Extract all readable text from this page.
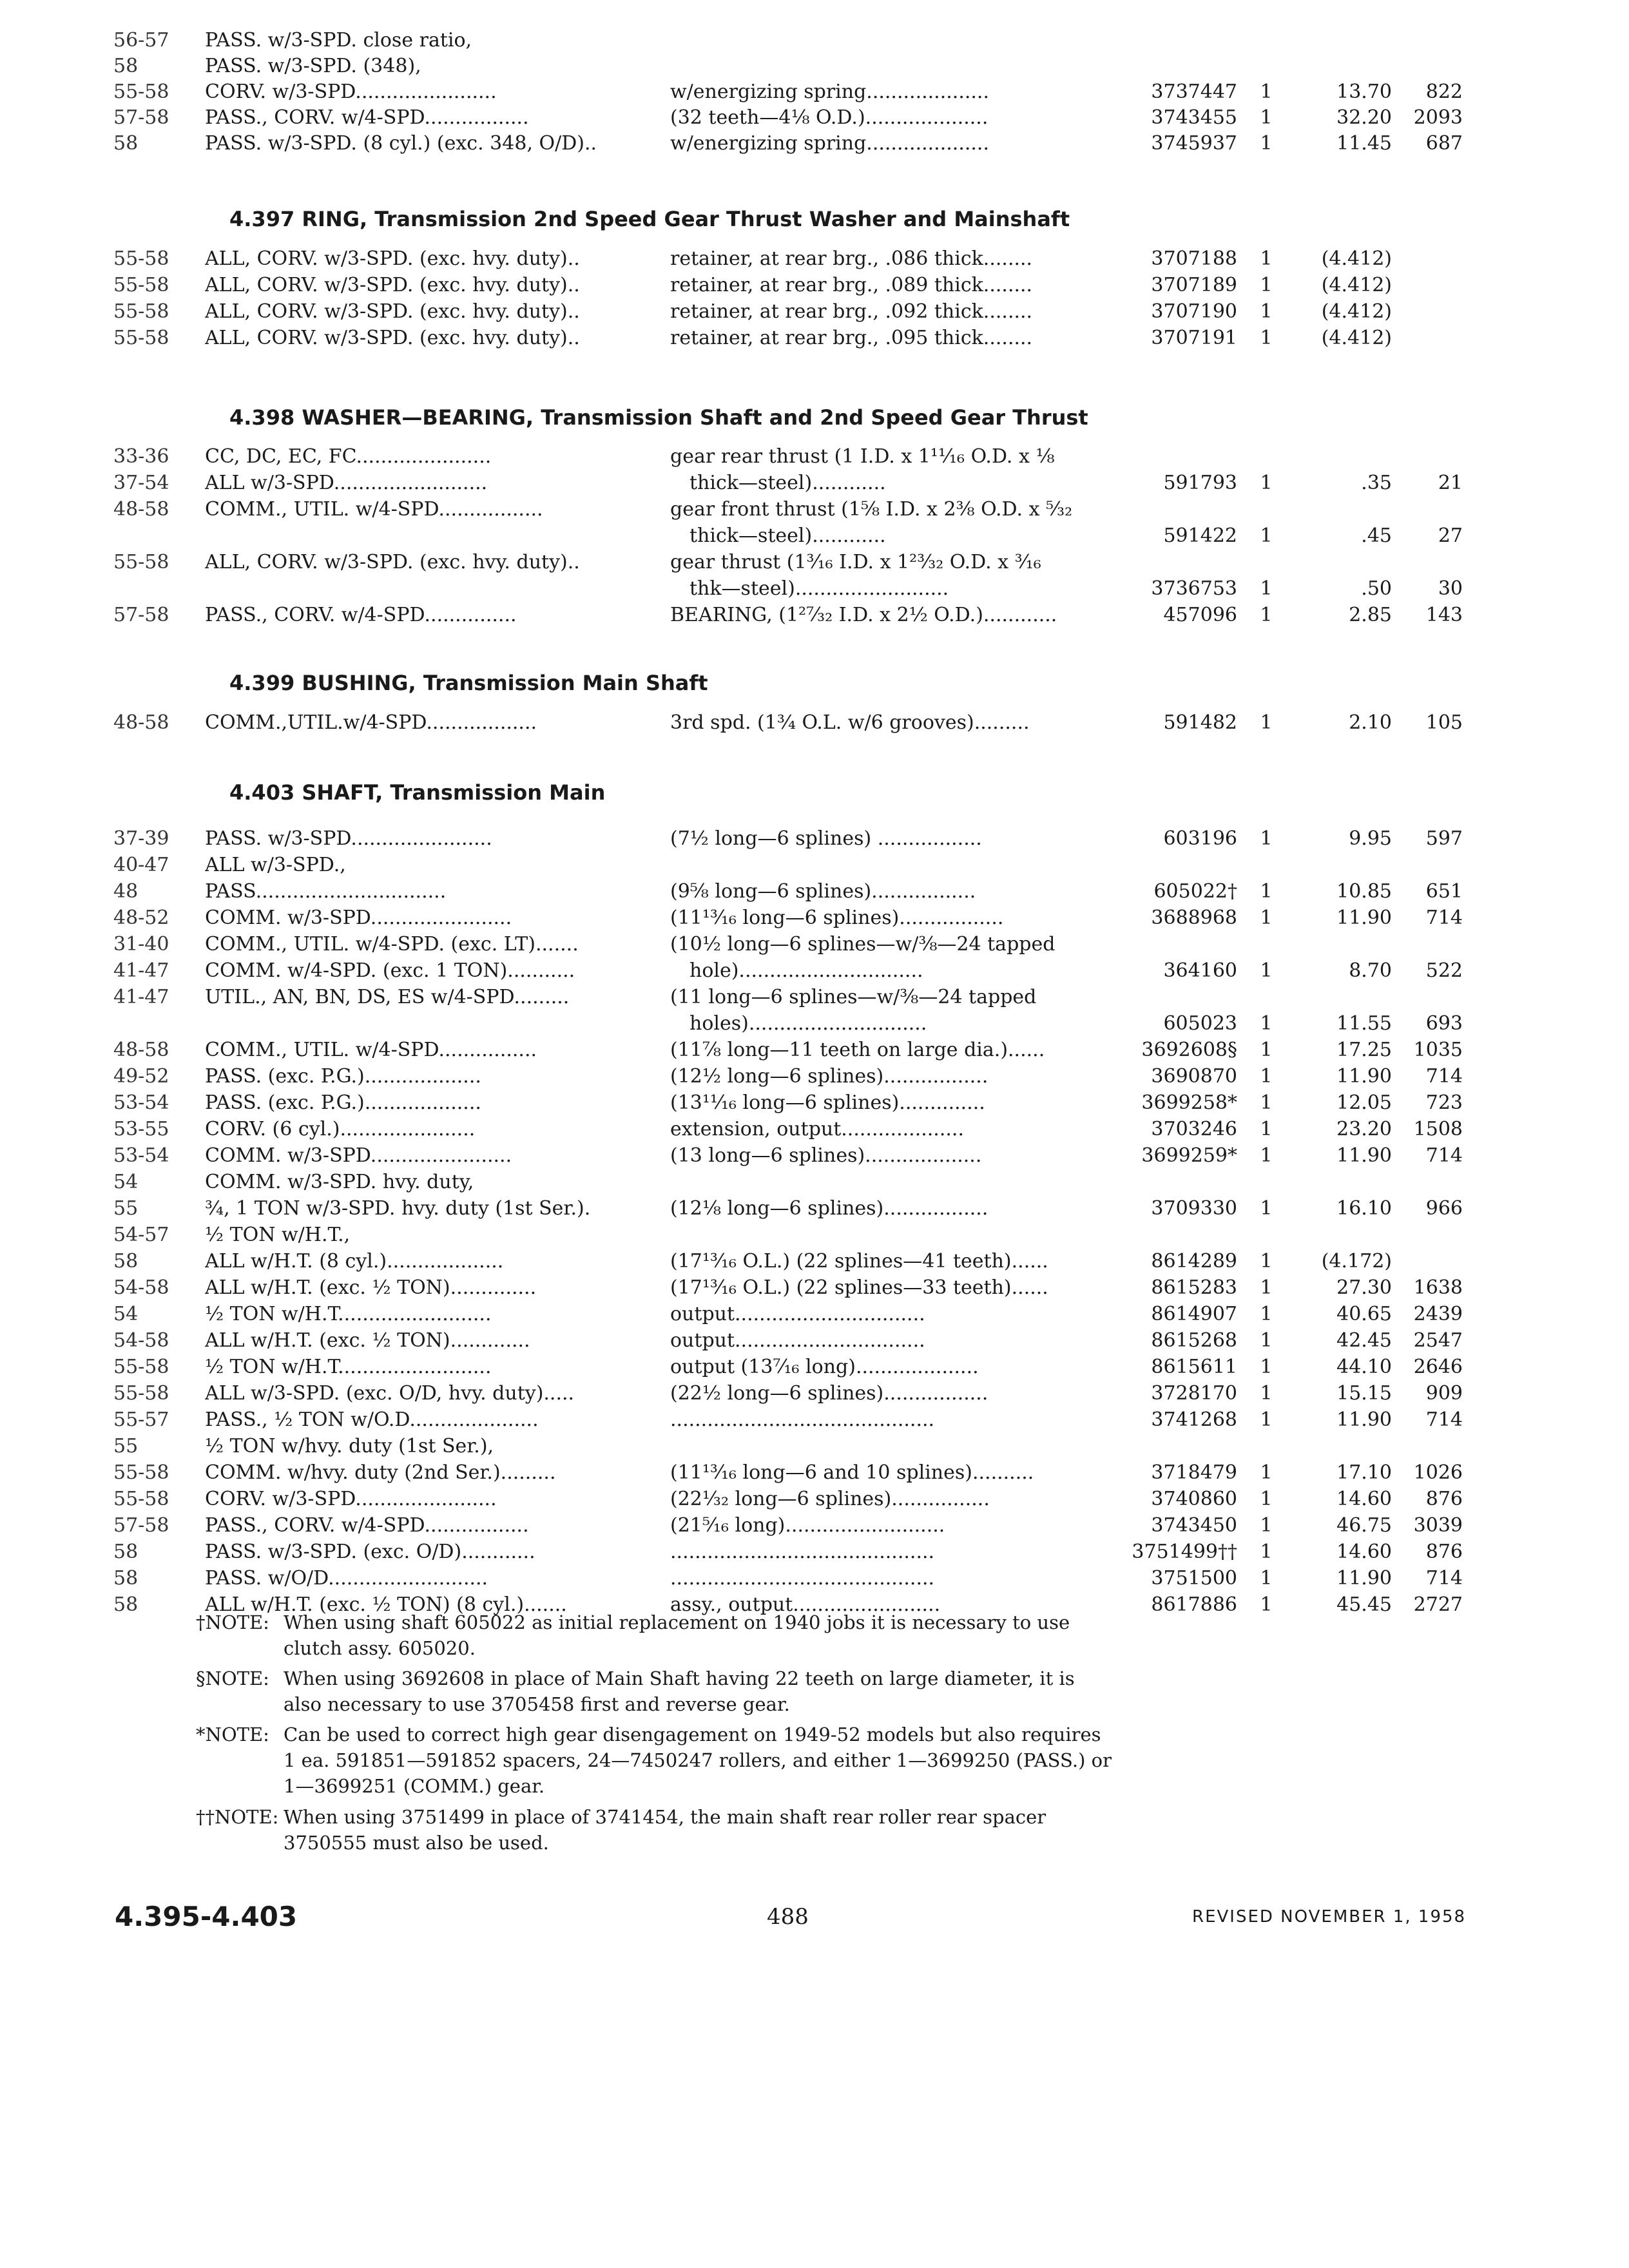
56-57	PASS. w/3-SPD. close ratio,
58	PASS. w/3-SPD. (348),
55-58	CORV. w/3-SPD.......................	w/energizing spring....................	3737447	1	13.70	822
57-58	PASS., CORV. w/4-SPD.................	(32 teeth—4⅛ O.D.)....................	3743455	1	32.20	2093
58	PASS. w/3-SPD. (8 cyl.) (exc. 348, O/D)..	w/energizing spring....................	3745937	1	11.45	687
4.397 RING, Transmission 2nd Speed Gear Thrust Washer and Mainshaft
55-58	ALL, CORV. w/3-SPD. (exc. hvy. duty)..	retainer, at rear brg., .086 thick........	3707188	1	(4.412)
55-58	ALL, CORV. w/3-SPD. (exc. hvy. duty)..	retainer, at rear brg., .089 thick........	3707189	1	(4.412)
55-58	ALL, CORV. w/3-SPD. (exc. hvy. duty)..	retainer, at rear brg., .092 thick........	3707190	1	(4.412)
55-58	ALL, CORV. w/3-SPD. (exc. hvy. duty)..	retainer, at rear brg., .095 thick........	3707191	1	(4.412)
4.398 WASHER—BEARING, Transmission Shaft and 2nd Speed Gear Thrust
33-36	CC, DC, EC, FC......................	gear rear thrust (1 I.D. x 1¹¹⁄₁₆ O.D. x ⅛
37-54	ALL w/3-SPD.........................	thick—steel)............	591793	1	.35	21
48-58	COMM., UTIL. w/4-SPD.................	gear front thrust (1⅝ I.D. x 2⅜ O.D. x ⁵⁄₃₂
thick—steel)............	591422	1	.45	27
55-58	ALL, CORV. w/3-SPD. (exc. hvy. duty)..	gear thrust (1³⁄₁₆ I.D. x 1²³⁄₃₂ O.D. x ³⁄₁₆
thk—steel).........................	3736753	1	.50	30
57-58	PASS., CORV. w/4-SPD...............	BEARING, (1²⁷⁄₃₂ I.D. x 2½ O.D.)............	457096	1	2.85	143
4.399 BUSHING, Transmission Main Shaft
48-58	COMM.,UTIL.w/4-SPD..................	3rd spd. (1¾ O.L. w/6 grooves).........	591482	1	2.10	105
4.403 SHAFT, Transmission Main
37-39	PASS. w/3-SPD.......................	(7½ long—6 splines) .................	603196	1	9.95	597
40-47	ALL w/3-SPD.,
48	PASS...............................	(9⅝ long—6 splines).................	605022†	1	10.85	651
48-52	COMM. w/3-SPD.......................	(11¹³⁄₁₆ long—6 splines).................	3688968	1	11.90	714
31-40	COMM., UTIL. w/4-SPD. (exc. LT).......	(10½ long—6 splines—w/⅜—24 tapped
41-47	COMM. w/4-SPD. (exc. 1 TON)...........	hole)..............................	364160	1	8.70	522
41-47	UTIL., AN, BN, DS, ES w/4-SPD.........	(11 long—6 splines—w/⅜—24 tapped
holes).............................	605023	1	11.55	693
48-58	COMM., UTIL. w/4-SPD................	(11⅞ long—11 teeth on large dia.)......	3692608§	1	17.25	1035
49-52	PASS. (exc. P.G.)...................	(12½ long—6 splines).................	3690870	1	11.90	714
53-54	PASS. (exc. P.G.)...................	(13¹¹⁄₁₆ long—6 splines)..............	3699258*	1	12.05	723
53-55	CORV. (6 cyl.)......................	extension, output....................	3703246	1	23.20	1508
53-54	COMM. w/3-SPD.......................	(13 long—6 splines)...................	3699259*	1	11.90	714
54	COMM. w/3-SPD. hvy. duty,
55	¾, 1 TON w/3-SPD. hvy. duty (1st Ser.).	(12⅛ long—6 splines).................	3709330	1	16.10	966
54-57	½ TON w/H.T.,
58	ALL w/H.T. (8 cyl.)...................	(17¹³⁄₁₆ O.L.) (22 splines—41 teeth)......	8614289	1	(4.172)
54-58	ALL w/H.T. (exc. ½ TON)..............	(17¹³⁄₁₆ O.L.) (22 splines—33 teeth)......	8615283	1	27.30	1638
54	½ TON w/H.T.........................	output...............................	8614907	1	40.65	2439
54-58	ALL w/H.T. (exc. ½ TON).............	output...............................	8615268	1	42.45	2547
55-58	½ TON w/H.T.........................	output (13⁷⁄₁₆ long)....................	8615611	1	44.10	2646
55-58	ALL w/3-SPD. (exc. O/D, hvy. duty).....	(22½ long—6 splines).................	3728170	1	15.15	909
55-57	PASS., ½ TON w/O.D.....................	...........................................	3741268	1	11.90	714
55	½ TON w/hvy. duty (1st Ser.),
55-58	COMM. w/hvy. duty (2nd Ser.).........	(11¹³⁄₁₆ long—6 and 10 splines)..........	3718479	1	17.10	1026
55-58	CORV. w/3-SPD.......................	(22¹⁄₃₂ long—6 splines)................	3740860	1	14.60	876
57-58	PASS., CORV. w/4-SPD.................	(21⁵⁄₁₆ long)..........................	3743450	1	46.75	3039
58	PASS. w/3-SPD. (exc. O/D)............	...........................................	3751499††	1	14.60	876
58	PASS. w/O/D..........................	...........................................	3751500	1	11.90	714
58	ALL w/H.T. (exc. ½ TON) (8 cyl.).......	assy., output........................	8617886	1	45.45	2727
†NOTE: When using shaft 605022 as initial replacement on 1940 jobs it is necessary to use clutch assy. 605020.
§NOTE: When using 3692608 in place of Main Shaft having 22 teeth on large diameter, it is also necessary to use 3705458 first and reverse gear.
*NOTE: Can be used to correct high gear disengagement on 1949-52 models but also requires 1 ea. 591851—591852 spacers, 24—7450247 rollers, and either 1—3699250 (PASS.) or 1—3699251 (COMM.) gear.
††NOTE: When using 3751499 in place of 3741454, the main shaft rear roller rear spacer 3750555 must also be used.
4.395-4.403	488	REVISED NOVEMBER 1, 1958
